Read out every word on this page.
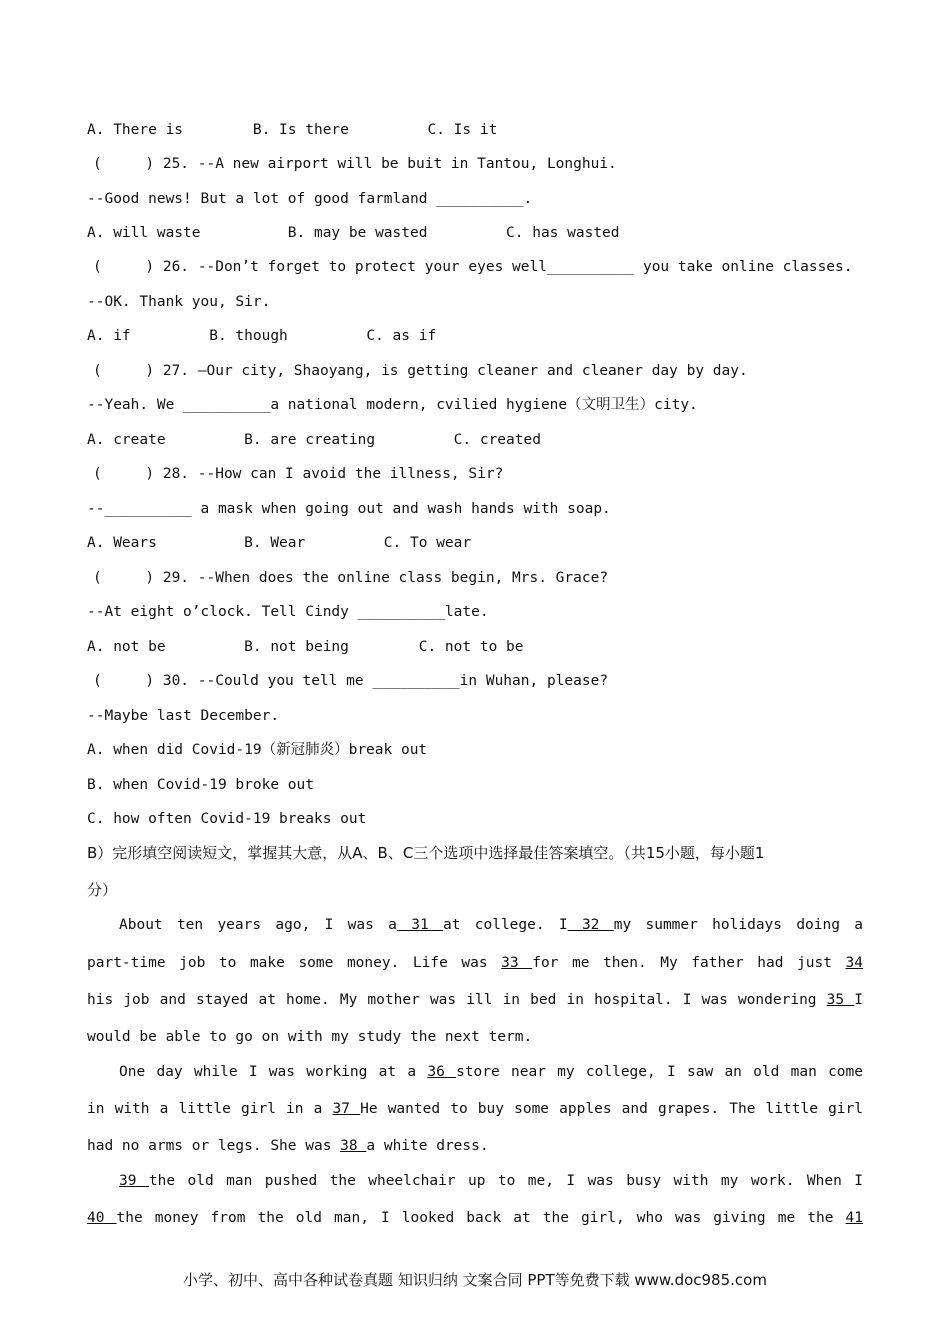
A. There is        B. Is there         C. Is it
(     ) 25. --A new airport will be buit in Tantou, Longhui.
--Good news! But a lot of good farmland __________.
A. will waste          B. may be wasted         C. has wasted
(     ) 26. --Don’t forget to protect your eyes well__________ you take online classes.
--OK. Thank you, Sir.
A. if         B. though         C. as if
(     ) 27. –Our city, Shaoyang, is getting cleaner and cleaner day by day.
--Yeah. We __________a national modern, cvilied hygiene（文明卫生）city.
A. create         B. are creating         C. created
(     ) 28. --How can I avoid the illness, Sir?
--__________ a mask when going out and wash hands with soap.
A. Wears          B. Wear         C. To wear
(     ) 29. --When does the online class begin, Mrs. Grace?
--At eight o’clock. Tell Cindy __________late.
A. not be         B. not being        C. not to be
(     ) 30. --Could you tell me __________in Wuhan, please?
--Maybe last December.
A. when did Covid-19（新冠肺炎）break out
B. when Covid-19 broke out
C. how often Covid-19 breaks out
B）完形填空阅读短文，掌握其大意，从A、B、C三个选项中选择最佳答案填空。（共15小题，每小题1
分）
About ten years ago, I was a 31 at college. I 32 my summer holidays doing a
part-time job to make some money. Life was 33 for me then. My father had just 34
his job and stayed at home. My mother was ill in bed in hospital. I was wondering 35 I
would be able to go on with my study the next term.
One day while I was working at a 36 store near my college, I saw an old man come
in with a little girl in a 37 He wanted to buy some apples and grapes. The little girl
had no arms or legs. She was 38 a white dress.
39 the old man pushed the wheelchair up to me, I was busy with my work. When I
40 the money from the old man, I looked back at the girl, who was giving me the 41
小学、初中、高中各种试卷真题 知识归纳 文案合同 PPT等免费下载 www.doc985.com
